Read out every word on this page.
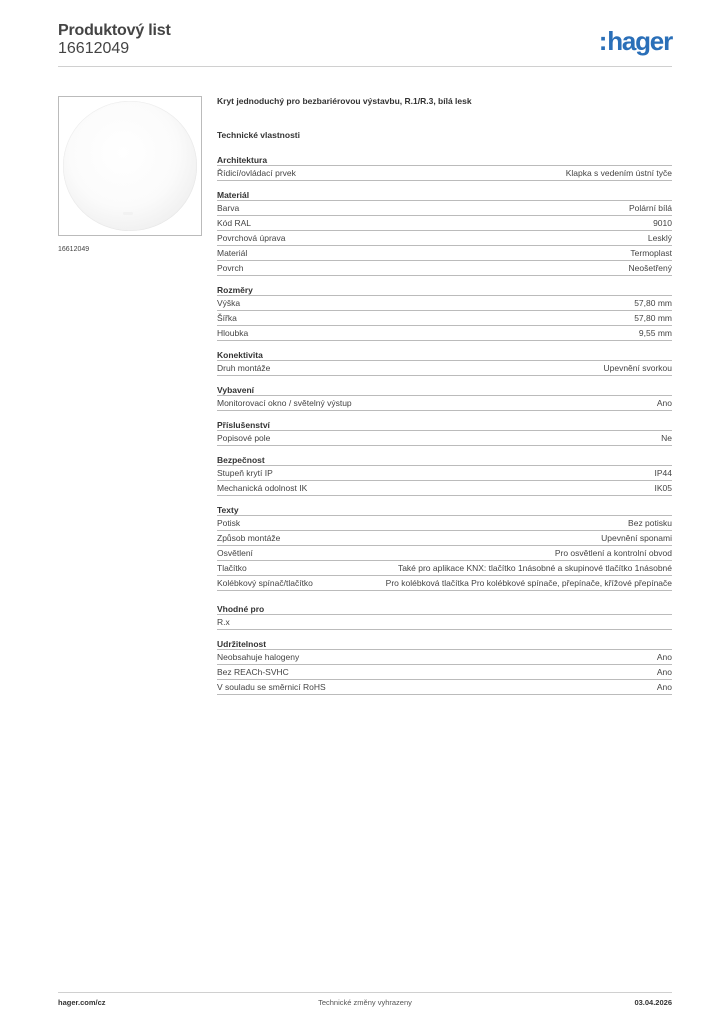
Produktový list
16612049	:hager
16612049
Kryt jednoduchý pro bezbariérovou výstavbu, R.1/R.3, bílá lesk
Technické vlastnosti
Architektura
Řídicí/ovládací prvek	Klapka s vedením ústní tyče
Materiál
Barva	Polární bílá
Kód RAL	9010
Povrchová úprava	Lesklý
Materiál	Termoplast
Povrch	Neošetřený
Rozměry
Výška	57,80 mm
Šířka	57,80 mm
Hloubka	9,55 mm
Konektivita
Druh montáže	Upevnění svorkou
Vybavení
Monitorovací okno / světelný výstup	Ano
Příslušenství
Popisové pole	Ne
Bezpečnost
Stupeň krytí IP	IP44
Mechanická odolnost IK	IK05
Texty
Potisk	Bez potisku
Způsob montáže	Upevnění sponami
Osvětlení	Pro osvětlení a kontrolní obvod
Tlačítko	Také pro aplikace KNX: tlačítko 1násobné a skupinové tlačítko 1násobné
Kolébkový spínač/tlačítko	Pro kolébková tlačítka Pro kolébkové spínače, přepínače, křížové přepínače
Vhodné pro
R.x
Udržitelnost
Neobsahuje halogeny	Ano
Bez REACh-SVHC	Ano
V souladu se směrnicí RoHS	Ano
hager.com/cz	Technické změny vyhrazeny	03.04.2026
